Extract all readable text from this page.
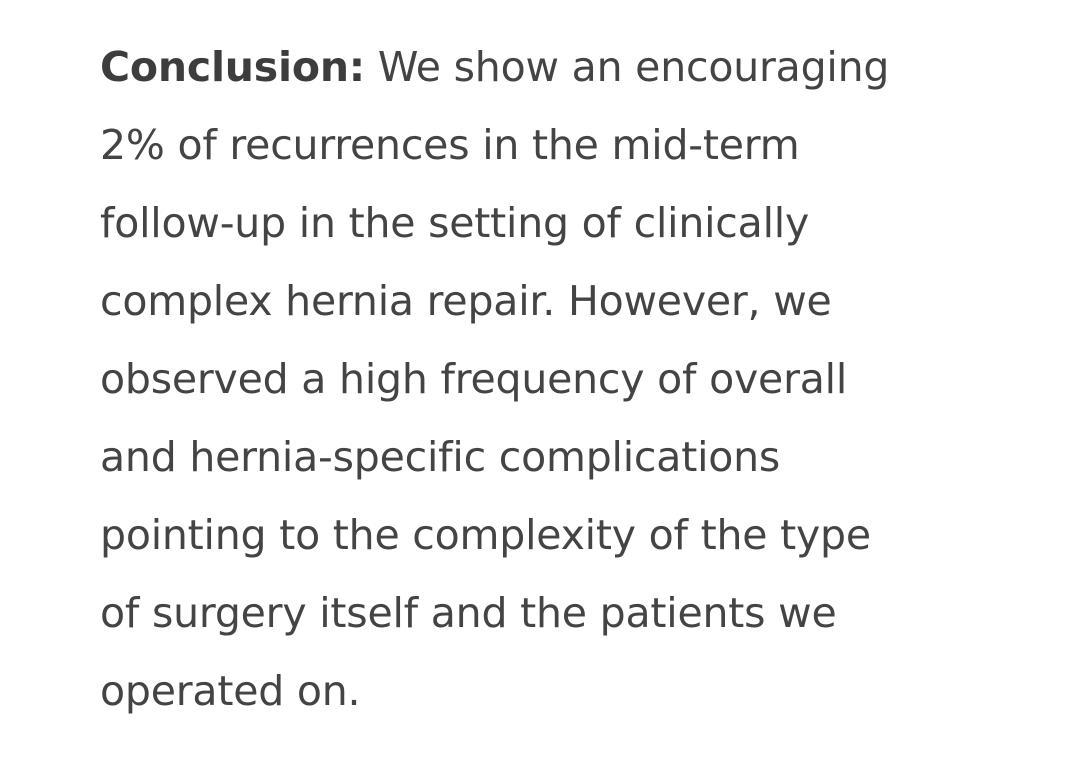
Conclusion: We show an encouraging
2% of recurrences in the mid-term
follow-up in the setting of clinically
complex hernia repair. However, we
observed a high frequency of overall
and hernia-specific complications
pointing to the complexity of the type
of surgery itself and the patients we
operated on.
